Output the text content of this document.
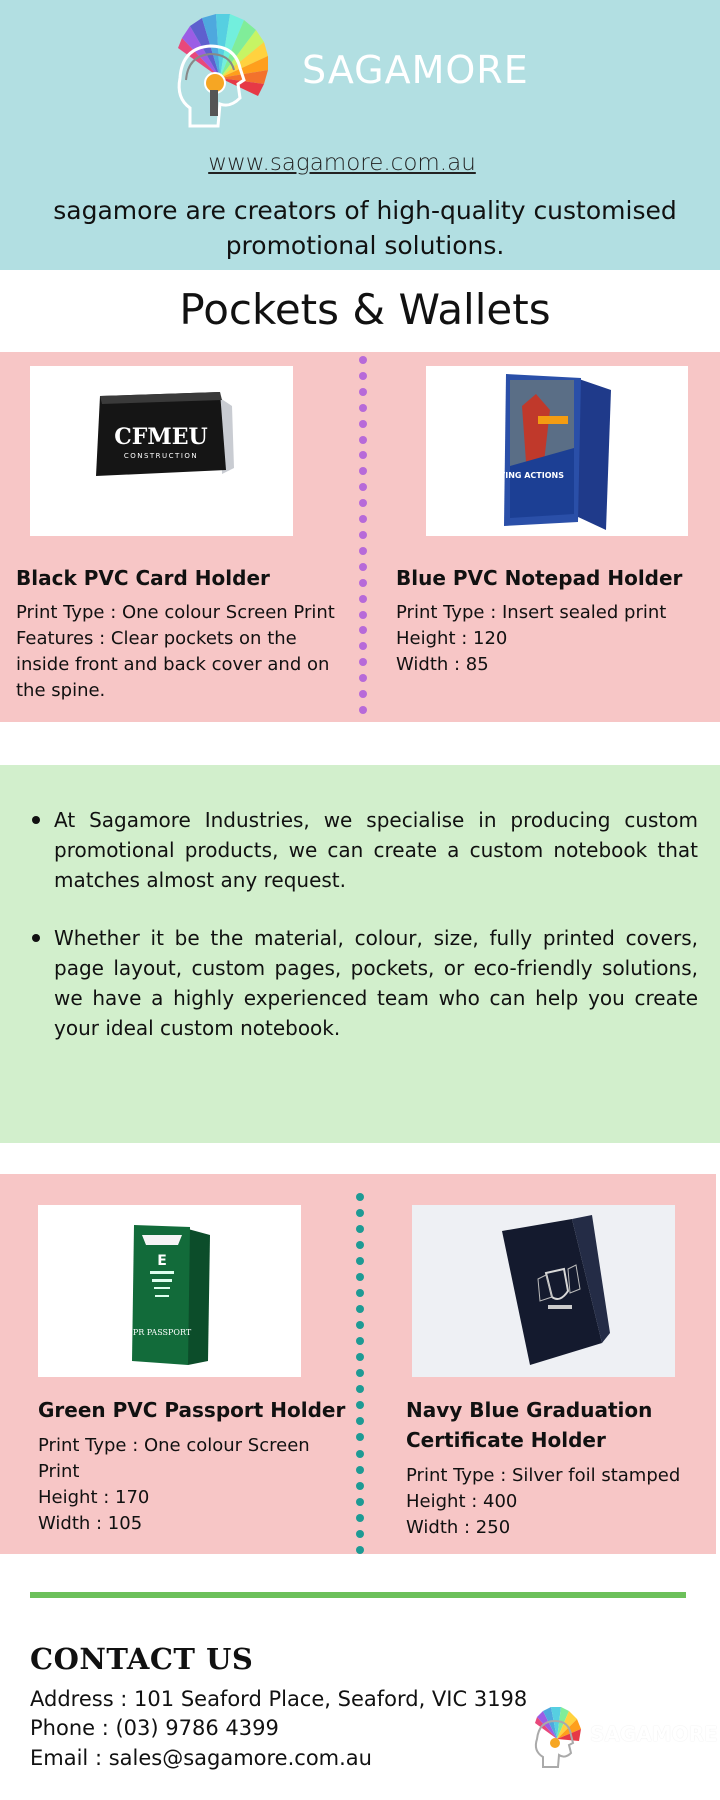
SAGAMORE
www.sagamore.com.au
sagamore are creators of high-quality customised promotional solutions.
Pockets & Wallets
CFMEU
CONSTRUCTION
LIFE SAVING ACTIONS
Black PVC Card Holder
Print Type : One colour Screen Print
Features : Clear pockets on the inside front and back cover and on the spine.
Blue PVC Notepad Holder
Print Type : Insert sealed print
Height : 120
Width : 85
At Sagamore Industries, we specialise in producing custom promotional products, we can create a custom notebook that matches almost any request.
Whether it be the material, colour, size, fully printed covers, page layout, custom pages, pockets, or eco-friendly solutions, we have a highly experienced team who can help you create your ideal custom notebook.
E
PR PASSPORT
Green PVC Passport Holder
Print Type : One colour Screen Print
Height : 170
Width : 105
Navy Blue Graduation Certificate Holder
Print Type : Silver foil stamped
Height : 400
Width : 250
CONTACT US
Address : 101 Seaford Place, Seaford, VIC 3198
Phone : (03) 9786 4399
Email : sales@sagamore.com.au
SAGAMORE
